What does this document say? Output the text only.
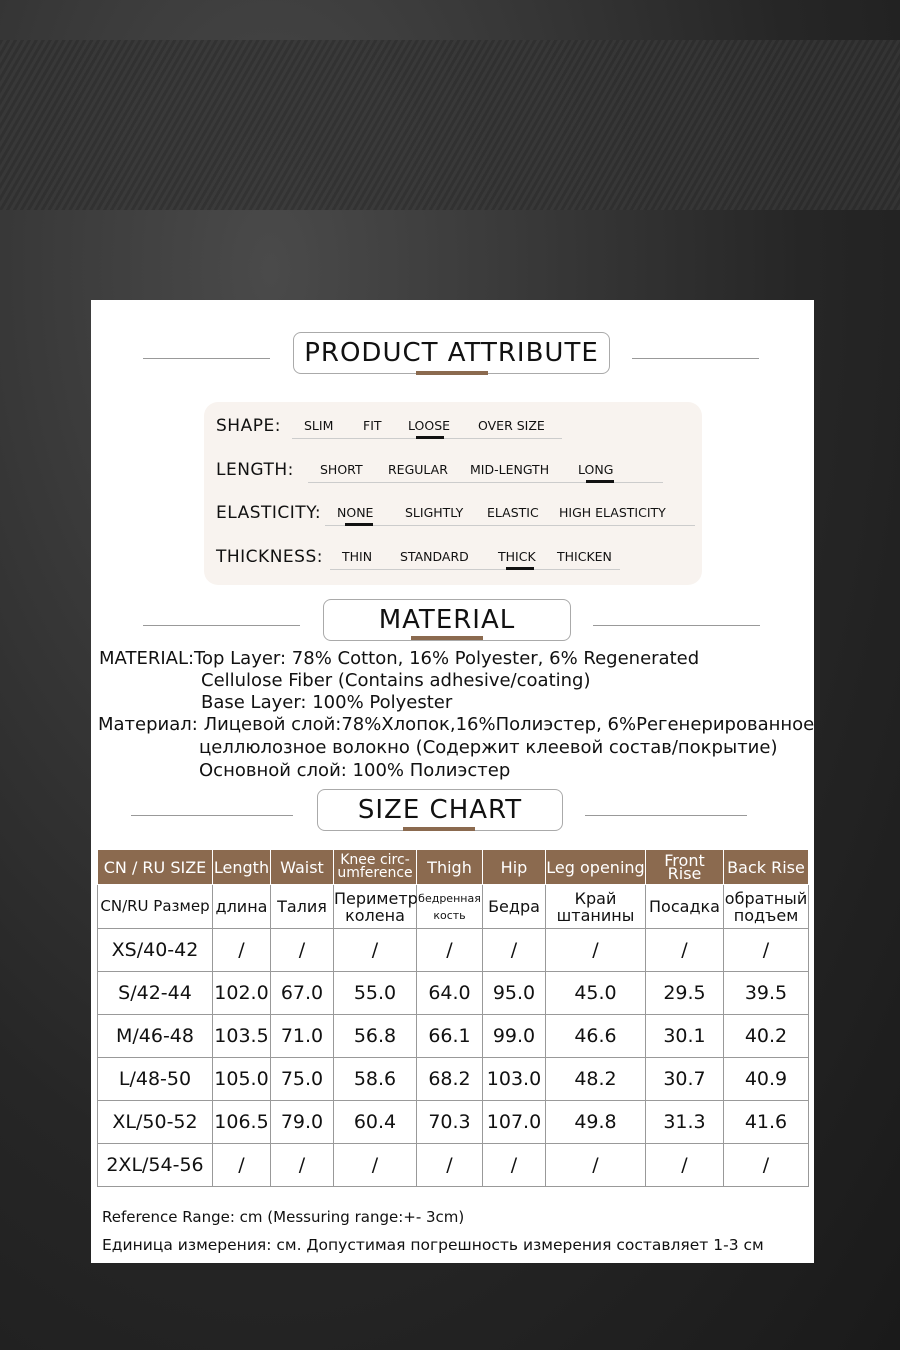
PRODUCT ATTRIBUTE
SHAPE: SLIM FIT LOOSE OVER SIZE
LENGTH: SHORT REGULAR MID-LENGTH LONG
ELASTICITY: NONE	SLIGHTLY ELASTIC HIGH ELASTICITY
THICKNESS: THIN STANDARD THICK THICKEN
MATERIAL
MATERIAL:Top Layer: 78% Cotton, 16% Polyester, 6% Regenerated
Cellulose Fiber (Contains adhesive/coating)
Base Layer: 100% Polyester
Материал: Лицевой слой:78%Хлопок,16%Полиэстер, 6%Регенерированное
целлюлозное волокно (Содержит клеевой состав/покрытие)
Основной слой: 100% Полиэстер
SIZE CHART
CN / RU SIZE	Length	Waist	Knee circ-umference	Thigh	Hip	Leg opening	Front Rise	Back Rise
CN/RU Размер	длина	Талия	Периметр колена	бедренная кость	Бедра	Край штанины	Посадка	обратный подъем
XS/40-42	/	/	/	/	/	/	/	/
S/42-44	102.0	67.0	55.0	64.0	95.0	45.0	29.5	39.5
M/46-48	103.5	71.0	56.8	66.1	99.0	46.6	30.1	40.2
L/48-50	105.0	75.0	58.6	68.2	103.0	48.2	30.7	40.9
XL/50-52	106.5	79.0	60.4	70.3	107.0	49.8	31.3	41.6
2XL/54-56	/	/	/	/	/	/	/	/
Reference Range: cm (Messuring range:+- 3cm)
Единица измерения: см. Допустимая погрешность измерения составляет 1-3 см
